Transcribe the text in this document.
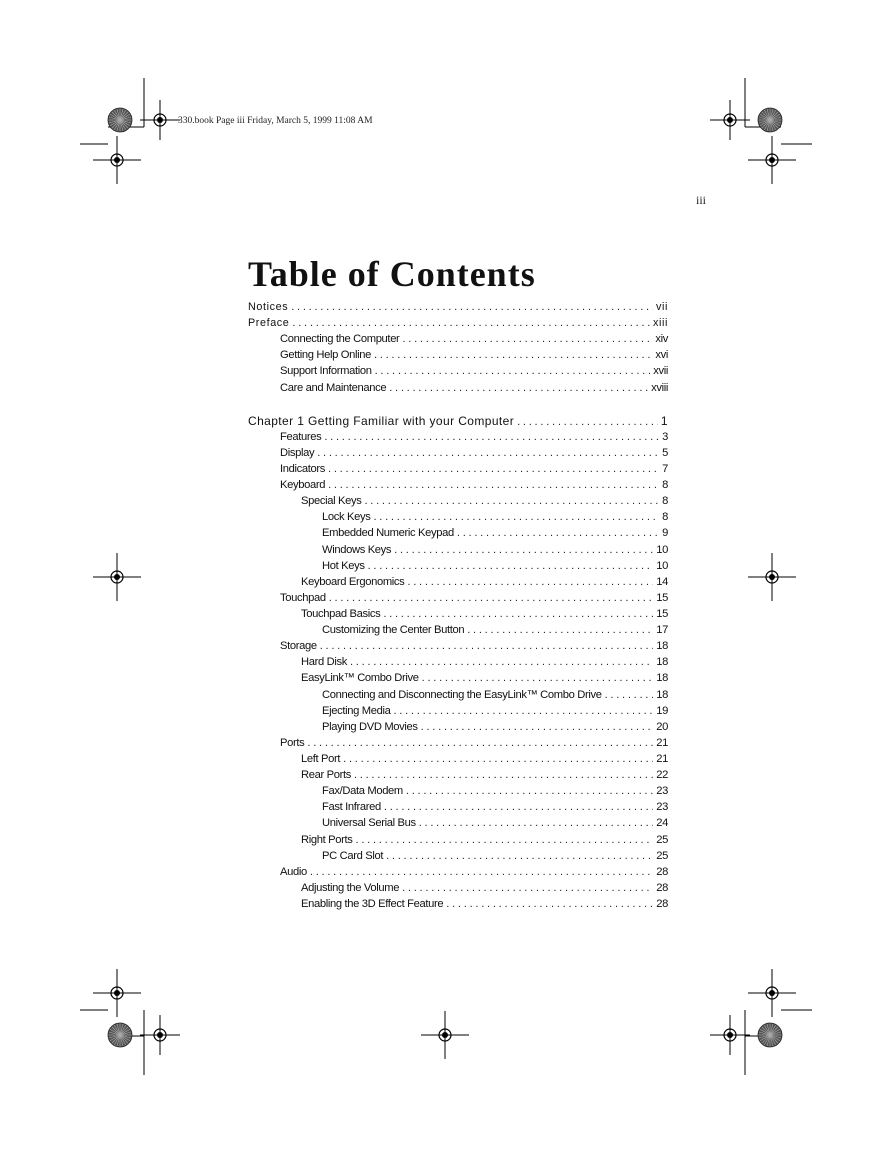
330.book Page iii Friday, March 5, 1999 11:08 AM
iii
Table of Contents
Notices . . .	vii
Preface . . .	xiii
Connecting the Computer . . .	xiv
Getting Help Online . . .	xvi
Support Information . . .	xvii
Care and Maintenance . . .	xviii
Chapter 1 Getting Familiar with your Computer . . .	1
Features . . .	3
Display . . .	5
Indicators . . .	7
Keyboard . . .	8
Special Keys . . .	8
Lock Keys . . .	8
Embedded Numeric Keypad . . .	9
Windows Keys . . .	10
Hot Keys . . .	10
Keyboard Ergonomics . . .	14
Touchpad . . .	15
Touchpad Basics . . .	15
Customizing the Center Button . . .	17
Storage . . .	18
Hard Disk . . .	18
EasyLink™ Combo Drive . . .	18
Connecting and Disconnecting the EasyLink™ Combo Drive . . .	18
Ejecting Media . . .	19
Playing DVD Movies . . .	20
Ports . . .	21
Left Port . . .	21
Rear Ports . . .	22
Fax/Data Modem . . .	23
Fast Infrared . . .	23
Universal Serial Bus . . .	24
Right Ports . . .	25
PC Card Slot . . .	25
Audio . . .	28
Adjusting the Volume . . .	28
Enabling the 3D Effect Feature . . .	28
